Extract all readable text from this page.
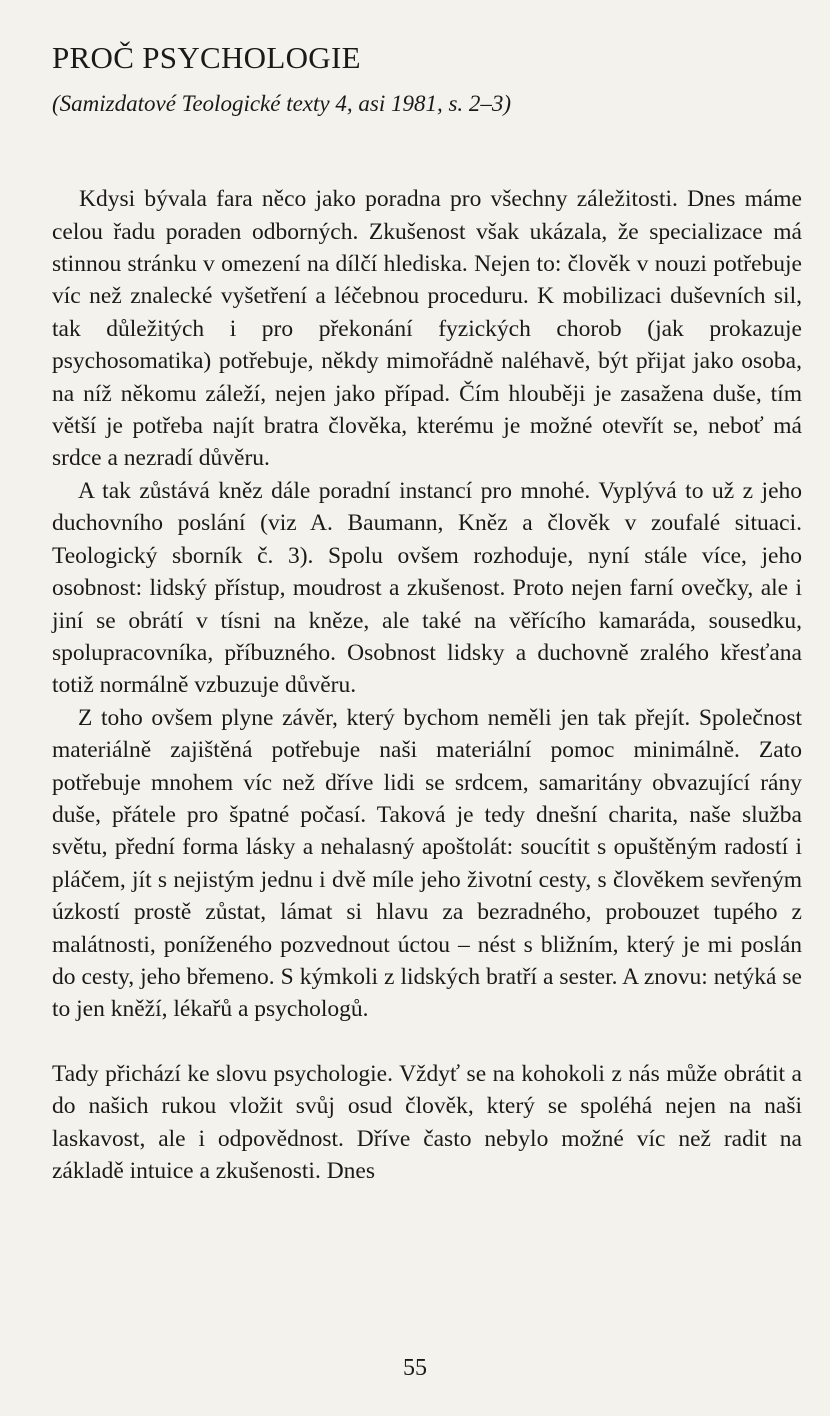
PROČ PSYCHOLOGIE
(Samizdatové Teologické texty 4, asi 1981, s. 2–3)

Kdysi bývala fara něco jako poradna pro všechny záležitosti. Dnes máme celou řadu poraden odborných. Zkušenost však ukázala, že specializace má stinnou stránku v omezení na dílčí hlediska. Nejen to: člověk v nouzi potřebuje víc než znalecké vyšetření a léčebnou proceduru. K mobilizaci duševních sil, tak důležitých i pro překonání fyzických chorob (jak prokazuje psychosomatika) potřebuje, někdy mimořádně naléhavě, být přijat jako osoba, na níž někomu záleží, nejen jako případ. Čím hlouběji je zasažena duše, tím větší je potřeba najít bratra člověka, kterému je možné otevřít se, neboť má srdce a nezradí důvěru.

A tak zůstává kněz dále poradní instancí pro mnohé. Vyplývá to už z jeho duchovního poslání (viz A. Baumann, Kněz a člověk v zoufalé situaci. Teologický sborník č. 3). Spolu ovšem rozhoduje, nyní stále více, jeho osobnost: lidský přístup, moudrost a zkušenost. Proto nejen farní ovečky, ale i jiní se obrátí v tísni na kněze, ale také na věřícího kamaráda, sousedku, spolupracovníka, příbuzného. Osobnost lidsky a duchovně zralého křesťana totiž normálně vzbuzuje důvěru.

Z toho ovšem plyne závěr, který bychom neměli jen tak přejít. Společnost materiálně zajištěná potřebuje naši materiální pomoc minimálně. Zato potřebuje mnohem víc než dříve lidi se srdcem, samaritány obvazující rány duše, přátele pro špatné počasí. Taková je tedy dnešní charita, naše služba světu, přední forma lásky a nehalasný apoštolát: soucítit s opuštěným radostí i pláčem, jít s nejistým jednu i dvě míle jeho životní cesty, s člověkem sevřeným úzkostí prostě zůstat, lámat si hlavu za bezradného, probouzet tupého z malátnosti, poníženého pozvednout úctou – nést s bližním, který je mi poslán do cesty, jeho břemeno. S kýmkoli z lidských bratří a sester. A znovu: netýká se to jen kněží, lékařů a psychologů.

Tady přichází ke slovu psychologie. Vždyť se na kohokoli z nás může obrátit a do našich rukou vložit svůj osud člověk, který se spoléhá nejen na naši laskavost, ale i odpovědnost. Dříve často nebylo možné víc než radit na základě intuice a zkušenosti. Dnes

55
